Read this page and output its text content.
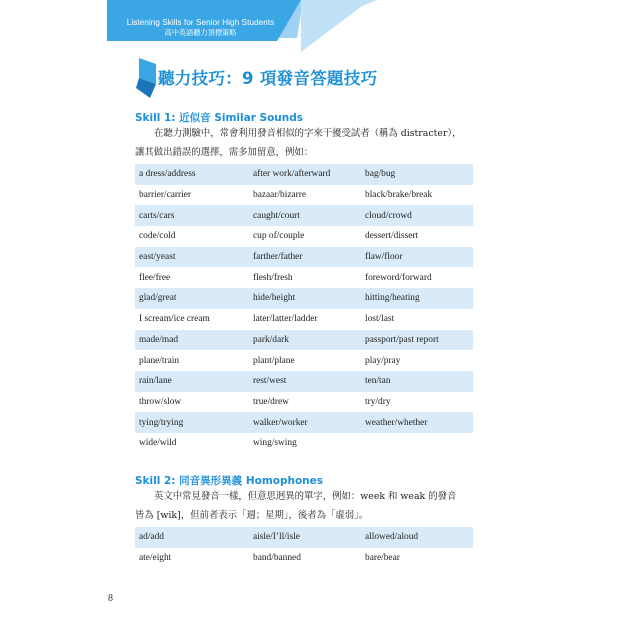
Listening Skills for Senior High Students
高中英語聽力頂標策略
聽力技巧：9 項發音答題技巧
Skill 1: 近似音 Similar Sounds
在聽力測驗中，常會利用發音相似的字來干擾受試者（稱為 distracter），
讓其做出錯誤的選擇，需多加留意，例如：
a dress/address	after work/afterward	bag/bug
barrier/carrier	bazaar/bizarre	black/brake/break
carts/cars	caught/court	cloud/crowd
code/cold	cup of/couple	dessert/dissert
east/yeast	farther/father	flaw/floor
flee/free	flesh/fresh	foreword/forward
glad/great	hide/height	hitting/heating
I scream/ice cream	later/latter/ladder	lost/last
made/mad	park/dark	passport/past report
plane/train	plant/plane	play/pray
rain/lane	rest/west	ten/tan
throw/slow	true/drew	try/dry
tying/trying	walker/worker	weather/whether
wide/wild	wing/swing	
Skill 2: 同音異形異義 Homophones
英文中常見發音一樣，但意思迥異的單字，例如：week 和 weak 的發音
皆為 [wik]，但前者表示「週；星期」，後者為「虛弱」。
ad/add	aisle/I’ll/isle	allowed/aloud
ate/eight	band/banned	bare/bear
8
